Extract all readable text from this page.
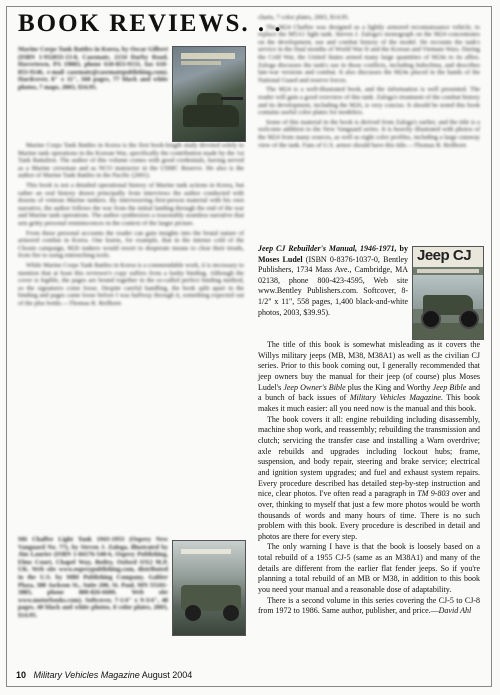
BOOK REVIEWS. . .

Marine Corps Tank Battles in Korea, by Oscar Gilbert (ISBN 1-932033-13-8, Casemate, 2134 Darby Road, Havertown, PA 19083, phone 610-853-9131, fax 610-853-9146, e-mail casemate@casematepublishing.com). Hardcover, 8" x 11", 368 pages, 77 black and white photos, 7 maps, 2003, $34.95.

Marine Corps Tank Battles in Korea is the first book-length study devoted solely to Marine tank operations in the Korean War, specifically the contribution made by the 1st Tank Battalion. The author of this volume comes with good credentials, having served as a Marine crewman and as NCO instructor in the USMC Reserve. He also is the author of Marine Tank Battles in the Pacific (2001).

This book is not a detailed operational history of Marine tank actions in Korea, but rather an oral history drawn principally from interviews the author conducted with dozens of veteran Marine tankers. By interweaving first-person material with his own narrative, the author follows the war from the initial landing through the end of the war and Marine tank operations. The author synthesizes a reasonably seamless narrative that sets gritty personal reminiscences in the context of the larger picture.

From these personal accounts the reader can gain insights into the brutal nature of armored combat in Korea. One learns, for example, that in the intense cold of the Chosin campaign, M26 tankers would resort to desperate means to clear their treads, from fire to using entrenching tools.

While Marine Corps Tank Battles in Korea is a commendable work, it is necessary to mention that at least this reviewer's copy suffers from a faulty binding. Although the cover is legible, the pages are bound together in the so-called perfect binding method, so the signatures come loose. Despite careful handling, the book split apart in the binding and pages came loose before I was halfway through it, something expected out of the plus bottle.—Thomas R. Reilhorn

M6 Chaffee Light Tank 1943-1953 (Osprey New Vanguard No. 77), by Steven J. Zaloga, illustrated by Jim Laurier (ISBN 1-84176-540-6, Osprey Publishing, Elms Court, Chapel Way, Botley, Oxford OX2 9LP, UK. Web site www.ospreypublishing.com, distributed in the U.S. by MBI Publishing Company, Galtier Plaza, 380 Jackson St., Suite 200, St. Paul, MN 55101-3885, phone 800-826-6600. Web site www.motorbooks.com). Softcover, 7-1/4" x 9-3/4", 48 pages, 40 black and white photos, 8 color plates, 2003, $14.95.

charts, 7 color plates, 2003, $14.95.

The M24 Chaffee was designed as a lightly armored reconnaissance vehicle, to replace the M5A1 light tank. Steven J. Zaloga's monograph on the M24 concentrates on the development, use and combat history of the model. He recounts the tank's service in the final months of World War II and the Korean and Vietnam Wars. During the Cold War, the United States armed many large quantities of M24s to its allies. Zaloga discusses the tank's use in those conflicts, including Indochina, and describes late-war versions and combat. It also discusses the M24s placed in the hands of the National Guard and reserve forces.

The M24 is a well-illustrated book, and the information is well presented. The reader will gain a good overview of this tank. Zaloga's treatment of the combat history and its development, including the M26, is very concise. It should be noted this book contains useful color plates for modelers.

Some of this material in the book is derived from Zaloga's earlier, and the title is a welcome addition to the New Vanguard series. It is heavily illustrated with photos of the M24 from many sources, as well as eight color profiles, including a large cutaway view of the tank. Fans of U.S. armor should have this title.—Thomas R. Reilhorn

Jeep CJ Rebuilder's Manual, 1946-1971, by Moses Ludel (ISBN 0-8376-1037-0, Bentley Publishers, 1734 Mass Ave., Cambridge, MA 02138, phone 800-423-4595, Web site www.Bentley Publishers.com. Softcover, 8-1/2" x 11", 558 pages, 1,400 black-and-white photos, 2003, $39.95).
Jeep CJ

The title of this book is somewhat misleading as it covers the Willys military jeeps (MB, M38, M38A1) as well as the civilian CJ series. Prior to this book coming out, I generally recommended that jeep owners buy the manual for their jeep (of course) plus Moses Ludel's Jeep Owner's Bible plus the King and Worthy Jeep Bible and a bunch of back issues of Military Vehicles Magazine. This book makes it much easier: all you need now is the manual and this book.

The book covers it all: engine rebuilding including disassembly, machine shop work, and reassembly; rebuilding the transmission and clutch; servicing the transfer case and installing a Warn overdrive; axle rebuilds and upgrades including lockout hubs; frame, suspension, and body repair, steering and brake service; electrical and ignition system upgrades; and fuel and exhaust system repairs. Every procedure described has detailed step-by-step instruction and nice, clear photos. I've often read a paragraph in TM 9-803 over and over, thinking to myself that just a few more photos would be worth thousands of words and many hours of time. There is no such problem with this book. Every procedure is described in detail and photos are there for every step.

The only warning I have is that the book is loosely based on a total rebuild of a 1955 CJ-5 (same as an M38A1) and many of the details are different from the earlier flat fender jeeps. So if you're planning a total rebuild of an MB or M38, in addition to this book you need your manual and a reasonable dose of adaptability.

There is a second volume in this series covering the CJ-5 to CJ-8 from 1972 to 1986. Same author, publisher, and price.—David Ahl

10 Military Vehicles Magazine August 2004
